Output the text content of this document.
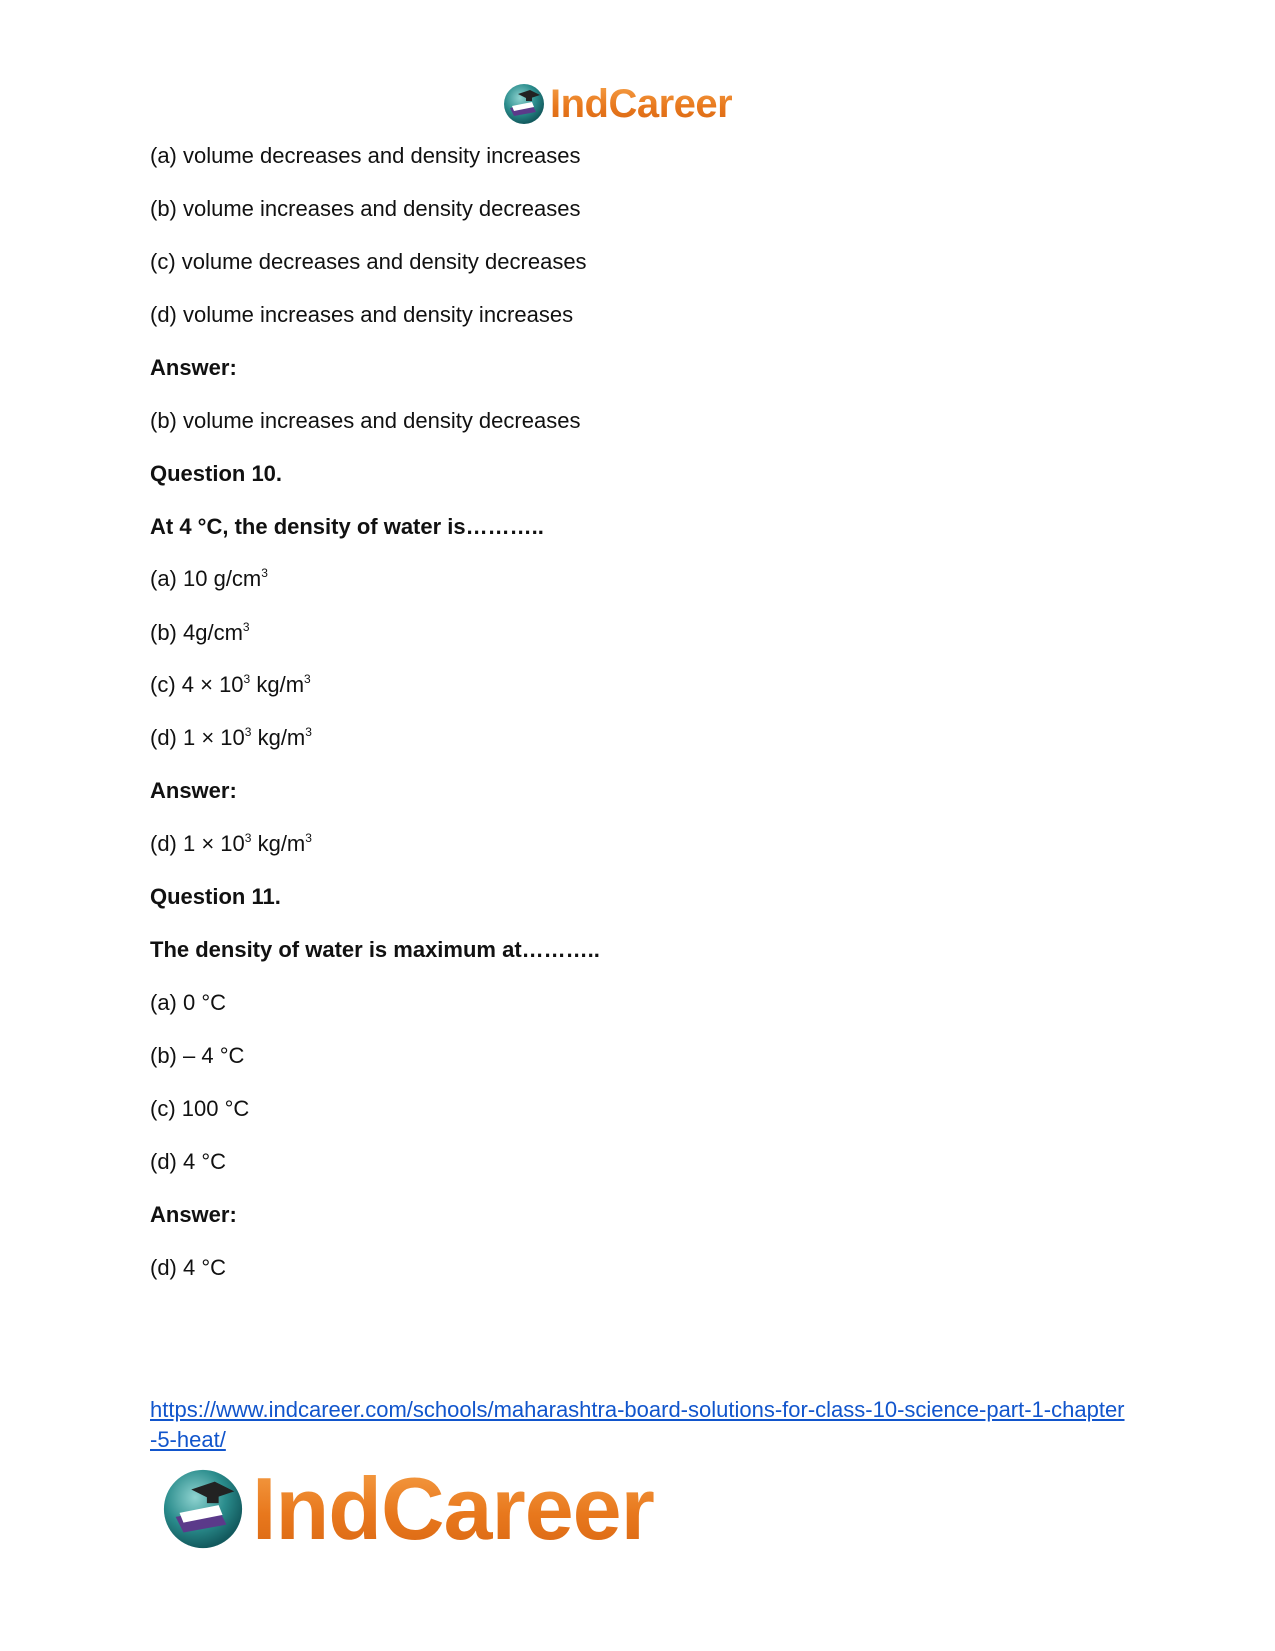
IndCareer
(a) volume decreases and density increases
(b) volume increases and density decreases
(c) volume decreases and density decreases
(d) volume increases and density increases
Answer:
(b) volume increases and density decreases
Question 10.
At 4 °C, the density of water is………..
(a) 10 $g/cm^3$
(b) $4g/cm^3$
(c) $4 \times 10^3$ $kg/m^3$
(d) $1 \times 10^3$ $kg/m^3$
Answer:
(d) $1 \times 10^3$ $kg/m^3$
Question 11.
The density of water is maximum at………..
(a) 0 °C
(b) – 4 °C
(c) 100 °C
(d) 4 °C
Answer:
(d) 4 °C
https://www.indcareer.com/schools/maharashtra-board-solutions-for-class-10-science-part-1-chapter-5-heat/
IndCareer
